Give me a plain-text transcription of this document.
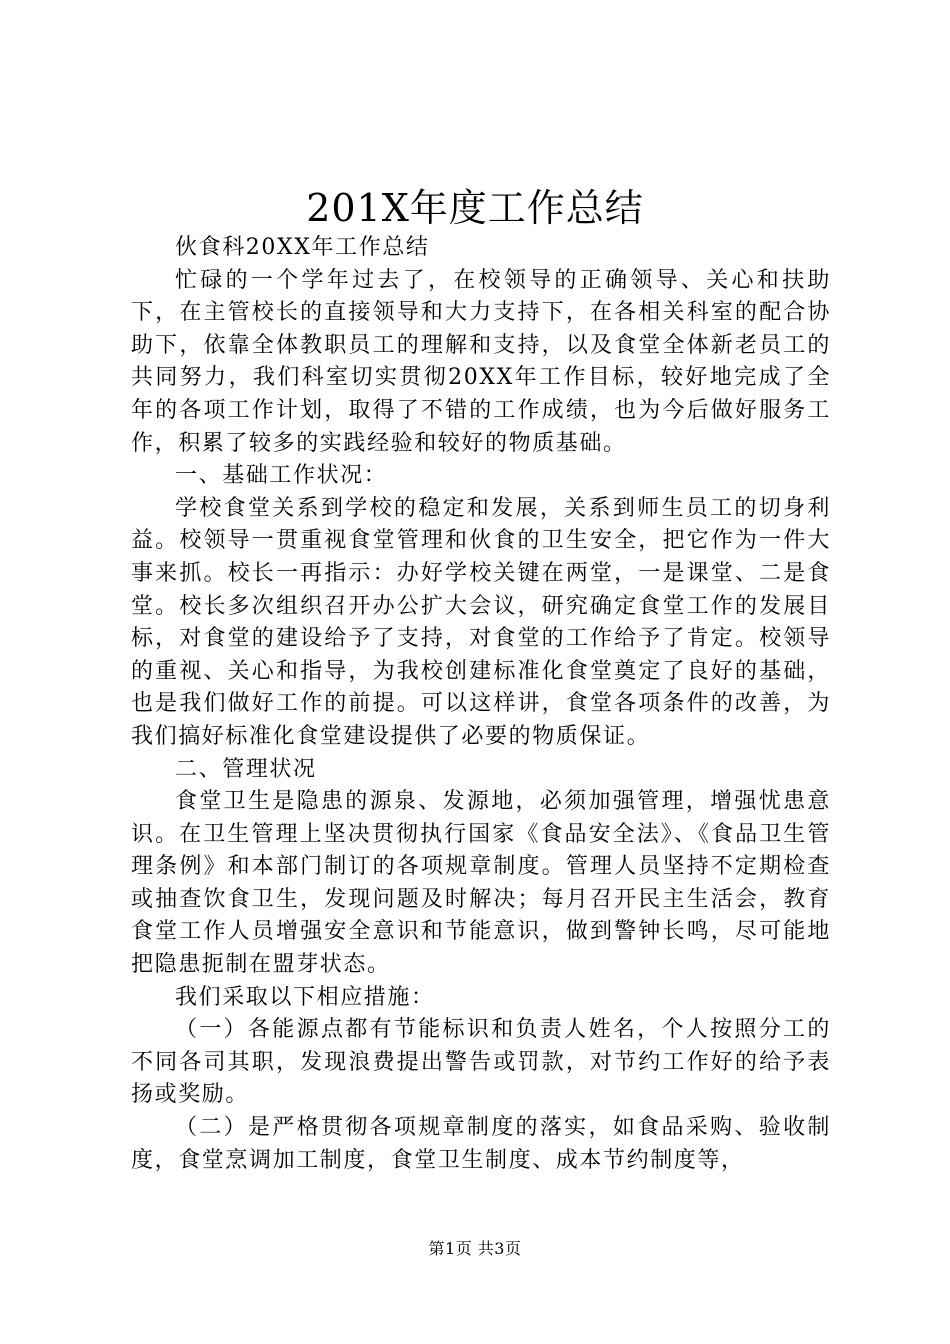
201X年度工作总结

伙食科20XX年工作总结

忙碌的一个学年过去了，在校领导的正确领导、关心和扶助下，在主管校长的直接领导和大力支持下，在各相关科室的配合协助下，依靠全体教职员工的理解和支持，以及食堂全体新老员工的共同努力，我们科室切实贯彻20XX年工作目标，较好地完成了全年的各项工作计划，取得了不错的工作成绩，也为今后做好服务工作，积累了较多的实践经验和较好的物质基础。

一、基础工作状况：

学校食堂关系到学校的稳定和发展，关系到师生员工的切身利益。校领导一贯重视食堂管理和伙食的卫生安全，把它作为一件大事来抓。校长一再指示：办好学校关键在两堂，一是课堂、二是食堂。校长多次组织召开办公扩大会议，研究确定食堂工作的发展目标，对食堂的建设给予了支持，对食堂的工作给予了肯定。校领导的重视、关心和指导，为我校创建标准化食堂奠定了良好的基础，也是我们做好工作的前提。可以这样讲，食堂各项条件的改善，为我们搞好标准化食堂建设提供了必要的物质保证。

二、管理状况

食堂卫生是隐患的源泉、发源地，必须加强管理，增强忧患意识。在卫生管理上坚决贯彻执行国家《食品安全法》、《食品卫生管理条例》和本部门制订的各项规章制度。管理人员坚持不定期检查或抽查饮食卫生，发现问题及时解决；每月召开民主生活会，教育食堂工作人员增强安全意识和节能意识，做到警钟长鸣，尽可能地把隐患扼制在盟芽状态。

我们采取以下相应措施：

（一）各能源点都有节能标识和负责人姓名，个人按照分工的不同各司其职，发现浪费提出警告或罚款，对节约工作好的给予表扬或奖励。

（二）是严格贯彻各项规章制度的落实，如食品采购、验收制度，食堂烹调加工制度，食堂卫生制度、成本节约制度等，

第1页 共3页
